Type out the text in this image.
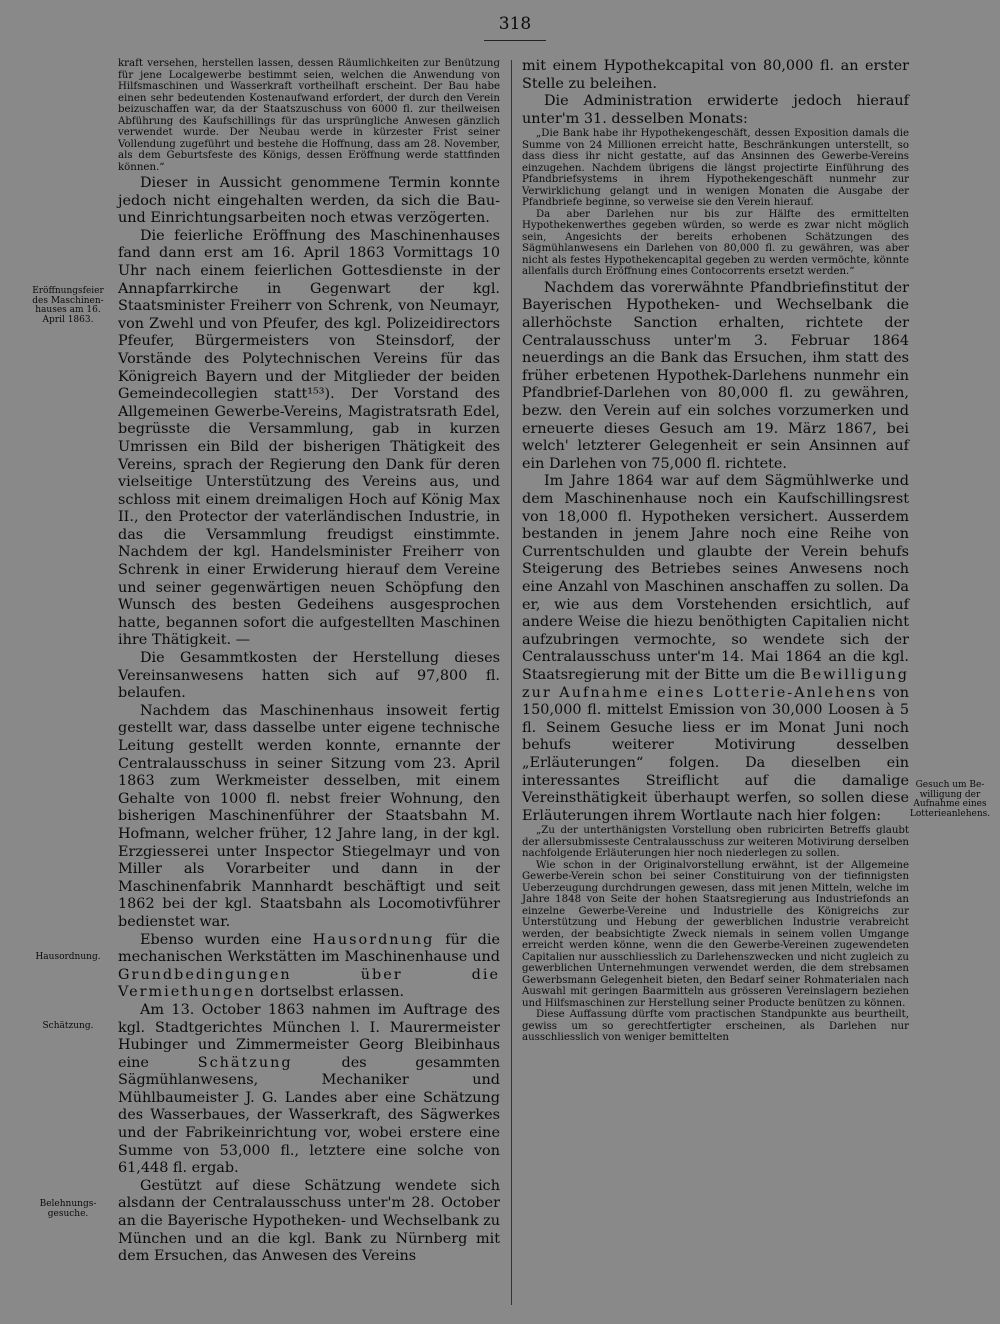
318
Eröffnungsfeier des Maschinen-hauses am 16. April 1863.
Hausordnung.
Schätzung.
Belehnungs-gesuche.
Gesuch um Be-willigung der Aufnahme eines Lotterieanlehens.

kraft versehen, herstellen lassen, dessen Räumlichkeiten zur Benützung für jene Localgewerbe bestimmt seien, welchen die Anwendung von Hilfsmaschinen und Wasserkraft vortheilhaft erscheint. Der Bau habe einen sehr bedeutenden Kostenaufwand erfordert, der durch den Verein beizuschaffen war, da der Staatszuschuss von 6000 fl. zur theilweisen Abführung des Kaufschillings für das ursprüngliche Anwesen gänzlich verwendet wurde. Der Neubau werde in kürzester Frist seiner Vollendung zugeführt und bestehe die Hoffnung, dass am 28. November, als dem Geburtsfeste des Königs, dessen Eröffnung werde stattfinden können.“

Dieser in Aussicht genommene Termin konnte jedoch nicht eingehalten werden, da sich die Bau- und Einrichtungsarbeiten noch etwas verzögerten.

Die feierliche Eröffnung des Maschinenhauses fand dann erst am 16. April 1863 Vormittags 10 Uhr nach einem feierlichen Gottesdienste in der Annapfarrkirche in Gegenwart der kgl. Staatsminister Freiherr von Schrenk, von Neumayr, von Zwehl und von Pfeufer, des kgl. Polizeidirectors Pfeufer, Bürgermeisters von Steinsdorf, der Vorstände des Polytechnischen Vereins für das Königreich Bayern und der Mitglieder der beiden Gemeindecollegien statt¹⁵³). Der Vorstand des Allgemeinen Gewerbe-Vereins, Magistratsrath Edel, begrüsste die Versammlung, gab in kurzen Umrissen ein Bild der bisherigen Thätigkeit des Vereins, sprach der Regierung den Dank für deren vielseitige Unterstützung des Vereins aus, und schloss mit einem dreimaligen Hoch auf König Max II., den Protector der vaterländischen Industrie, in das die Versammlung freudigst einstimmte. Nachdem der kgl. Handelsminister Freiherr von Schrenk in einer Erwiderung hierauf dem Vereine und seiner gegenwärtigen neuen Schöpfung den Wunsch des besten Gedeihens ausgesprochen hatte, begannen sofort die aufgestellten Maschinen ihre Thätigkeit. —

Die Gesammtkosten der Herstellung dieses Vereinsanwesens hatten sich auf 97,800 fl. belaufen.

Nachdem das Maschinenhaus insoweit fertig gestellt war, dass dasselbe unter eigene technische Leitung gestellt werden konnte, ernannte der Centralausschuss in seiner Sitzung vom 23. April 1863 zum Werkmeister desselben, mit einem Gehalte von 1000 fl. nebst freier Wohnung, den bisherigen Maschinenführer der Staatsbahn M. Hofmann, welcher früher, 12 Jahre lang, in der kgl. Erzgiesserei unter Inspector Stiegelmayr und von Miller als Vorarbeiter und dann in der Maschinenfabrik Mannhardt beschäftigt und seit 1862 bei der kgl. Staatsbahn als Locomotivführer bedienstet war.

Ebenso wurden eine Hausordnung für die mechanischen Werkstätten im Maschinenhause und Grundbedingungen über die Vermiethungen dortselbst erlassen.

Am 13. October 1863 nahmen im Auftrage des kgl. Stadtgerichtes München l. I. Maurermeister Hubinger und Zimmermeister Georg Bleibinhaus eine Schätzung des gesammten Sägmühlanwesens, Mechaniker und Mühlbaumeister J. G. Landes aber eine Schätzung des Wasserbaues, der Wasserkraft, des Sägwerkes und der Fabrikeinrichtung vor, wobei erstere eine Summe von 53,000 fl., letztere eine solche von 61,448 fl. ergab.

Gestützt auf diese Schätzung wendete sich alsdann der Centralausschuss unter'm 28. October an die Bayerische Hypotheken- und Wechselbank zu München und an die kgl. Bank zu Nürnberg mit dem Ersuchen, das Anwesen des Vereins

mit einem Hypothekcapital von 80,000 fl. an erster Stelle zu beleihen.

Die Administration erwiderte jedoch hierauf unter'm 31. desselben Monats:

„Die Bank habe ihr Hypothekengeschäft, dessen Exposition damals die Summe von 24 Millionen erreicht hatte, Beschränkungen unterstellt, so dass diess ihr nicht gestatte, auf das Ansinnen des Gewerbe-Vereins einzugehen. Nachdem übrigens die längst projectirte Einführung des Pfandbriefsystems in ihrem Hypothekengeschäft nunmehr zur Verwirklichung gelangt und in wenigen Monaten die Ausgabe der Pfandbriefe beginne, so verweise sie den Verein hierauf.

Da aber Darlehen nur bis zur Hälfte des ermittelten Hypothekenwerthes gegeben würden, so werde es zwar nicht möglich sein, Angesichts der bereits erhobenen Schätzungen des Sägmühlanwesens ein Darlehen von 80,000 fl. zu gewähren, was aber nicht als festes Hypothekencapital gegeben zu werden vermöchte, könnte allenfalls durch Eröffnung eines Contocorrents ersetzt werden.“

Nachdem das vorerwähnte Pfandbriefinstitut der Bayerischen Hypotheken- und Wechselbank die allerhöchste Sanction erhalten, richtete der Centralausschuss unter'm 3. Februar 1864 neuerdings an die Bank das Ersuchen, ihm statt des früher erbetenen Hypothek-Darlehens nunmehr ein Pfandbrief-Darlehen von 80,000 fl. zu gewähren, bezw. den Verein auf ein solches vorzumerken und erneuerte dieses Gesuch am 19. März 1867, bei welch' letzterer Gelegenheit er sein Ansinnen auf ein Darlehen von 75,000 fl. richtete.

Im Jahre 1864 war auf dem Sägmühlwerke und dem Maschinenhause noch ein Kaufschillingsrest von 18,000 fl. Hypotheken versichert. Ausserdem bestanden in jenem Jahre noch eine Reihe von Currentschulden und glaubte der Verein behufs Steigerung des Betriebes seines Anwesens noch eine Anzahl von Maschinen anschaffen zu sollen. Da er, wie aus dem Vorstehenden ersichtlich, auf andere Weise die hiezu benöthigten Capitalien nicht aufzubringen vermochte, so wendete sich der Centralausschuss unter'm 14. Mai 1864 an die kgl. Staatsregierung mit der Bitte um die Bewilligung zur Aufnahme eines Lotterie-Anlehens von 150,000 fl. mittelst Emission von 30,000 Loosen à 5 fl. Seinem Gesuche liess er im Monat Juni noch behufs weiterer Motivirung desselben „Erläuterungen“ folgen. Da dieselben ein interessantes Streiflicht auf die damalige Vereinsthätigkeit überhaupt werfen, so sollen diese Erläuterungen ihrem Wortlaute nach hier folgen:

„Zu der unterthänigsten Vorstellung oben rubricirten Betreffs glaubt der allersubmisseste Centralausschuss zur weiteren Motivirung derselben nachfolgende Erläuterungen hier noch niederlegen zu sollen.

Wie schon in der Originalvorstellung erwähnt, ist der Allgemeine Gewerbe-Verein schon bei seiner Constituirung von der tiefinnigsten Ueberzeugung durchdrungen gewesen, dass mit jenen Mitteln, welche im Jahre 1848 von Seite der hohen Staatsregierung aus Industriefonds an einzelne Gewerbe-Vereine und Industrielle des Königreichs zur Unterstützung und Hebung der gewerblichen Industrie verabreicht werden, der beabsichtigte Zweck niemals in seinem vollen Umgange erreicht werden könne, wenn die den Gewerbe-Vereinen zugewendeten Capitalien nur ausschliesslich zu Darlehenszwecken und nicht zugleich zu gewerblichen Unternehmungen verwendet werden, die dem strebsamen Gewerbsmann Gelegenheit bieten, den Bedarf seiner Rohmaterialen nach Auswahl mit geringen Baarmitteln aus grösseren Vereinslagern beziehen und Hilfsmaschinen zur Herstellung seiner Producte benützen zu können.

Diese Auffassung dürfte vom practischen Standpunkte aus beurtheilt, gewiss um so gerechtfertigter erscheinen, als Darlehen nur ausschliesslich von weniger bemittelten
